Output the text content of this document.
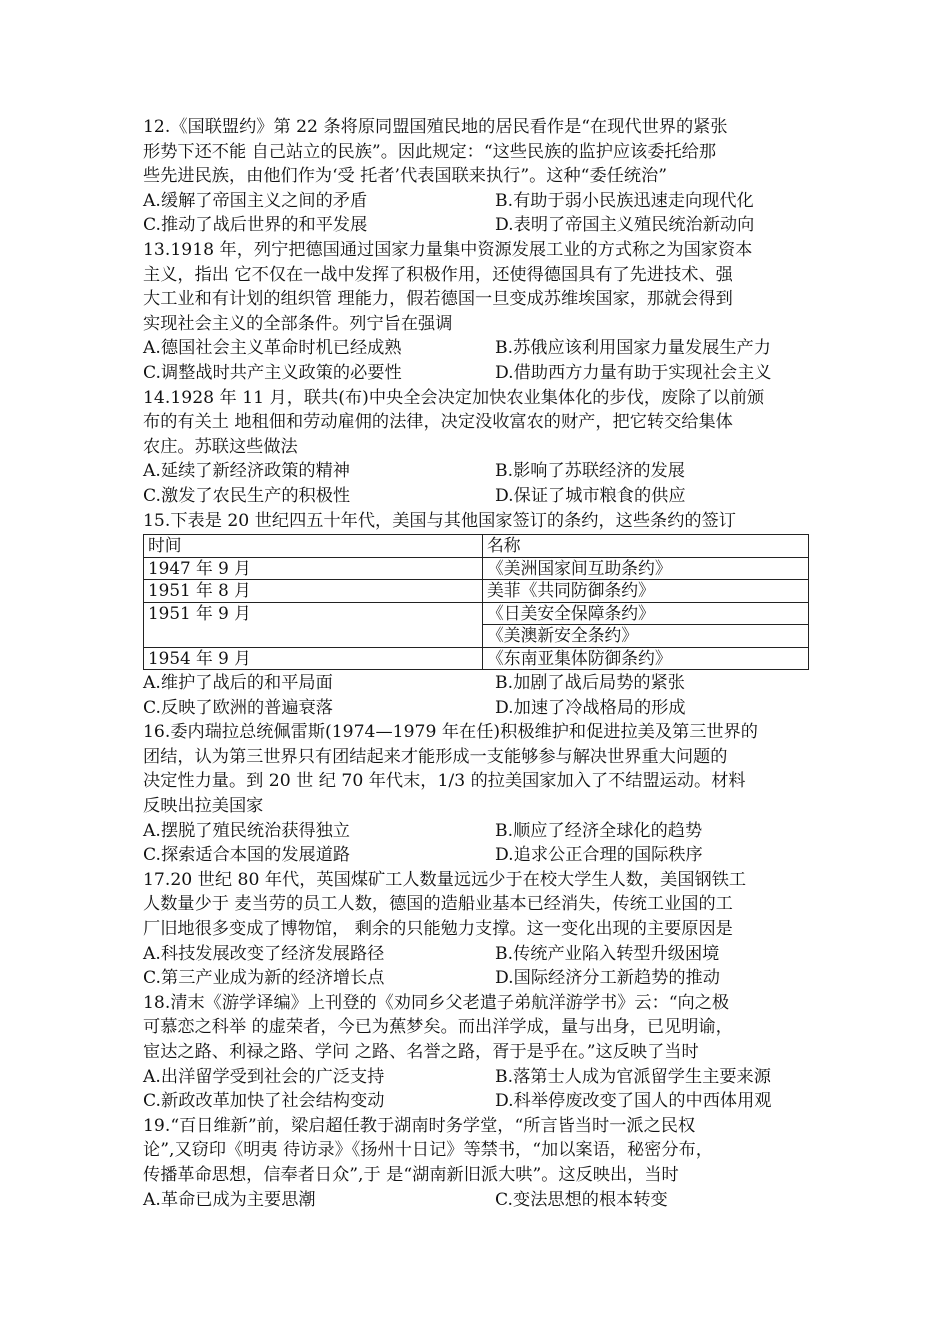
12.《国联盟约》第 22 条将原同盟国殖民地的居民看作是“在现代世界的紧张
形势下还不能 自己站立的民族”。因此规定：“这些民族的监护应该委托给那
些先进民族，由他们作为‘受 托者’代表国联来执行”。这种“委任统治”
A.缓解了帝国主义之间的矛盾	B.有助于弱小民族迅速走向现代化
C.推动了战后世界的和平发展	D.表明了帝国主义殖民统治新动向
13.1918 年，列宁把德国通过国家力量集中资源发展工业的方式称之为国家资本
主义，指出 它不仅在一战中发挥了积极作用，还使得德国具有了先进技术、强
大工业和有计划的组织管 理能力，假若德国一旦变成苏维埃国家，那就会得到
实现社会主义的全部条件。列宁旨在强调
A.德国社会主义革命时机已经成熟	B.苏俄应该利用国家力量发展生产力
C.调整战时共产主义政策的必要性	D.借助西方力量有助于实现社会主义
14.1928 年 11 月，联共(布)中央全会决定加快农业集体化的步伐，废除了以前颁
布的有关土 地租佃和劳动雇佣的法律，决定没收富农的财产，把它转交给集体
农庄。苏联这些做法
A.延续了新经济政策的精神	B.影响了苏联经济的发展
C.激发了农民生产的积极性	D.保证了城市粮食的供应
15.下表是 20 世纪四五十年代，美国与其他国家签订的条约，这些条约的签订
时间	名称
1947 年 9 月	《美洲国家间互助条约》
1951 年 8 月	美菲《共同防御条约》
1951 年 9 月	《日美安全保障条约》
	《美澳新安全条约》
1954 年 9 月	《东南亚集体防御条约》
A.维护了战后的和平局面	B.加剧了战后局势的紧张
C.反映了欧洲的普遍衰落	D.加速了冷战格局的形成
16.委内瑞拉总统佩雷斯(1974—1979 年在任)积极维护和促进拉美及第三世界的
团结，认为第三世界只有团结起来才能形成一支能够参与解决世界重大问题的
决定性力量。到 20 世 纪 70 年代末，1/3 的拉美国家加入了不结盟运动。材料
反映出拉美国家
A.摆脱了殖民统治获得独立	B.顺应了经济全球化的趋势
C.探索适合本国的发展道路	D.追求公正合理的国际秩序
17.20 世纪 80 年代，英国煤矿工人数量远远少于在校大学生人数，美国钢铁工
人数量少于 麦当劳的员工人数，德国的造船业基本已经消失，传统工业国的工
厂旧地很多变成了博物馆， 剩余的只能勉力支撑。这一变化出现的主要原因是
A.科技发展改变了经济发展路径	B.传统产业陷入转型升级困境
C.第三产业成为新的经济增长点	D.国际经济分工新趋势的推动
18.清末《游学译编》上刊登的《劝同乡父老遣子弟航洋游学书》云：“向之极
可慕恋之科举 的虚荣者，今已为蕉梦矣。而出洋学成，量与出身，已见明谕，
宦达之路、利禄之路、学问 之路、名誉之路，胥于是乎在。”这反映了当时
A.出洋留学受到社会的广泛支持	B.落第士人成为官派留学生主要来源
C.新政改革加快了社会结构变动	D.科举停废改变了国人的中西体用观
19.“百日维新”前，梁启超任教于湖南时务学堂，“所言皆当时一派之民权
论”,又窃印《明夷 待访录》《扬州十日记》等禁书，“加以案语，秘密分布，
传播革命思想，信奉者日众”,于 是“湖南新旧派大哄”。这反映出，当时
A.革命已成为主要思潮	C.变法思想的根本转变
